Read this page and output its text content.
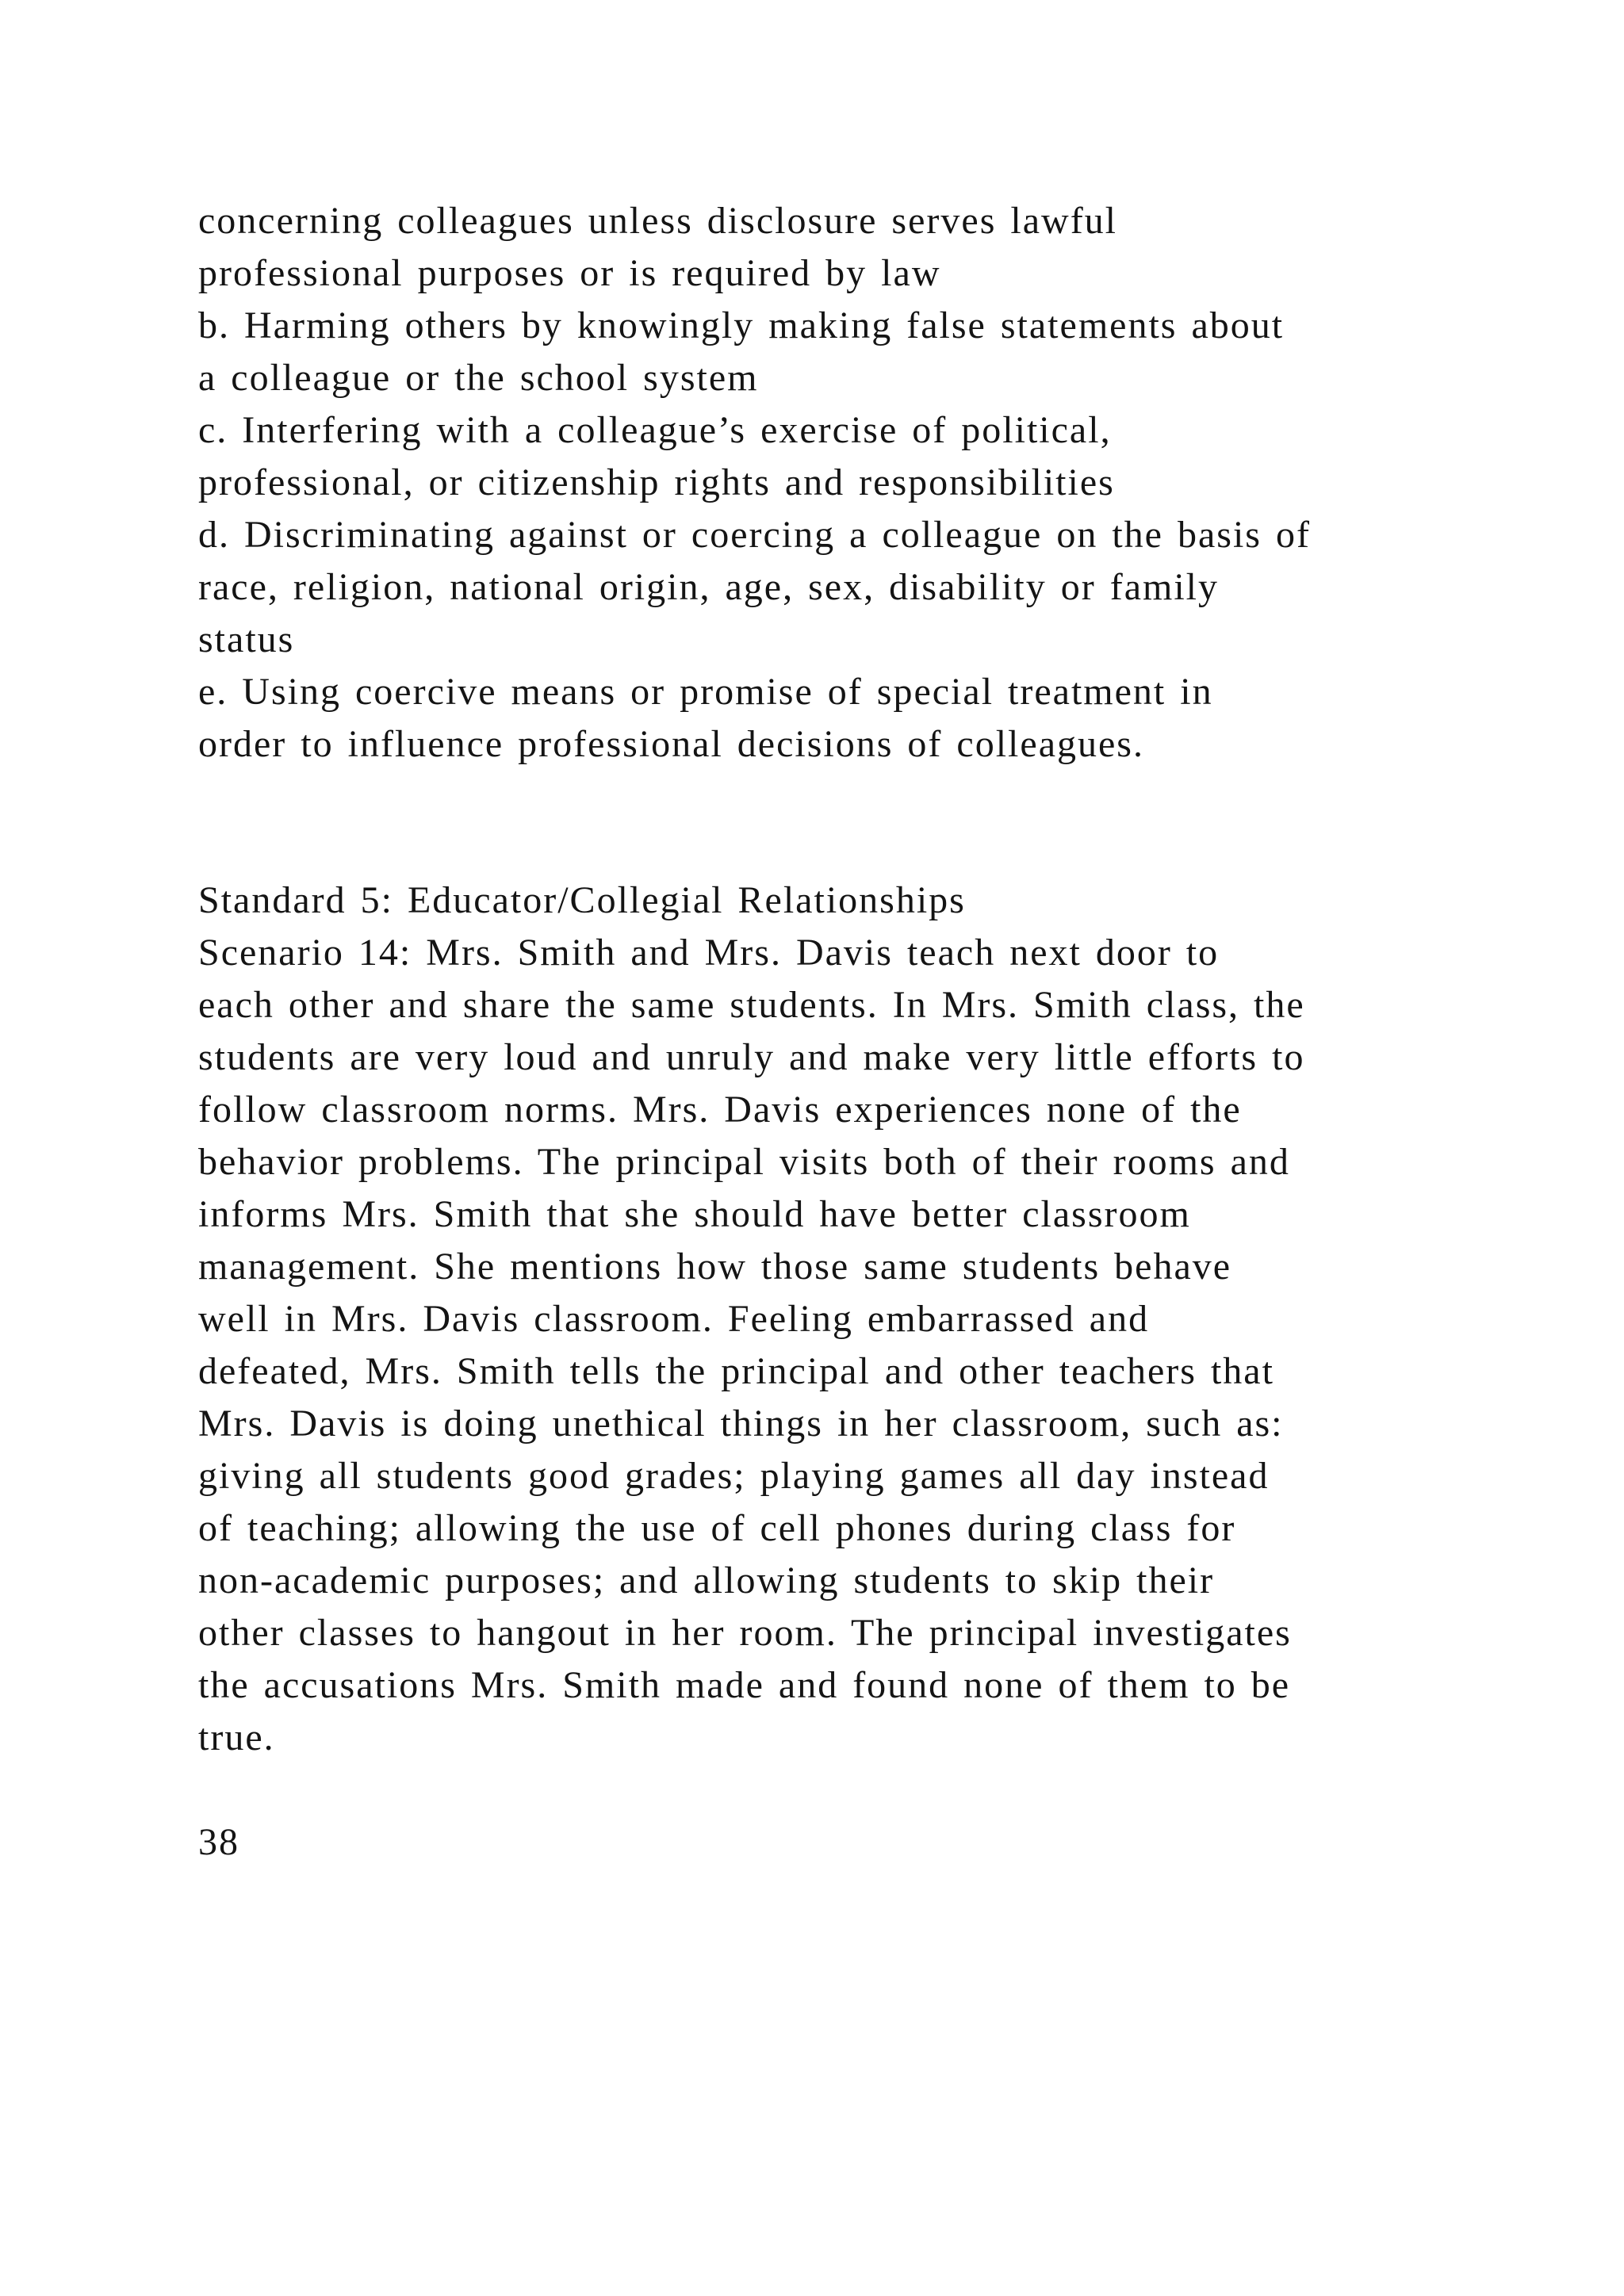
concerning colleagues unless disclosure serves lawful
professional purposes or is required by law
b. Harming others by knowingly making false statements about
a colleague or the school system
c. Interfering with a colleague’s exercise of political,
professional, or citizenship rights and responsibilities
d. Discriminating against or coercing a colleague on the basis of
race, religion, national origin, age, sex, disability or family
status
e. Using coercive means or promise of special treatment in
order to influence professional decisions of colleagues.
Standard 5: Educator/Collegial Relationships
Scenario 14: Mrs. Smith and Mrs. Davis teach next door to
each other and share the same students. In Mrs. Smith class, the
students are very loud and unruly and make very little efforts to
follow classroom norms. Mrs. Davis experiences none of the
behavior problems. The principal visits both of their rooms and
informs Mrs. Smith that she should have better classroom
management. She mentions how those same students behave
well in Mrs. Davis classroom. Feeling embarrassed and
defeated, Mrs. Smith tells the principal and other teachers that
Mrs. Davis is doing unethical things in her classroom, such as:
giving all students good grades; playing games all day instead
of teaching; allowing the use of cell phones during class for
non-academic purposes; and allowing students to skip their
other classes to hangout in her room. The principal investigates
the accusations Mrs. Smith made and found none of them to be
true.
38
